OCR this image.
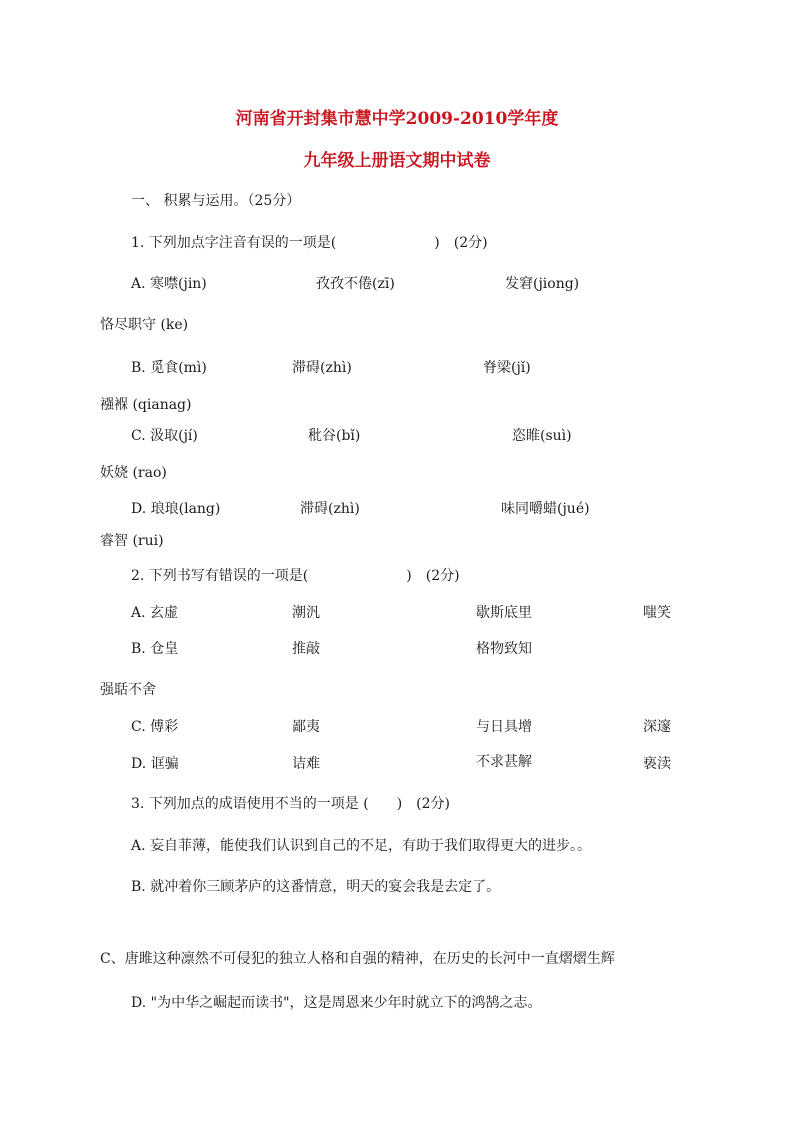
河南省开封集市慧中学2009-2010学年度
九年级上册语文期中试卷
一、 积累与运用。（25分）
1. 下列加点字注音有误的一项是(　　　　　　　)　(2分)
A. 寒噤(jin)	孜孜不倦(zī)	发窘(jiong)
恪尽职守 (ke)
B. 觅食(mì)	滞碍(zhì)	脊梁(jǐ)
襁褓 (qianag)
C. 汲取(jí)	秕谷(bǐ)	恣睢(suì)
妖娆 (rao)
D. 琅琅(lang)	滞碍(zhì)	味同嚼蜡(jué)
睿智 (rui)
2. 下列书写有错误的一项是(　　　　　　　)　(2分)
A. 玄虚	潮汎	歇斯底里	嗤笑
B. 仓皇	推敲	格物致知
强聒不舍
C. 傅彩	鄙夷	与日具增	深邃
D. 诓骗	诘难	不求甚解	亵渎
3. 下列加点的成语使用不当的一项是 (　　)　(2分)
A. 妄自菲薄，能使我们认识到自己的不足，有助于我们取得更大的进步。。
B. 就冲着你三顾茅庐的这番情意，明天的宴会我是去定了。
C、唐雎这种凛然不可侵犯的独立人格和自强的精神，在历史的长河中一直熠熠生辉
D. "为中华之崛起而读书"，这是周恩来少年时就立下的鸿鹄之志。
